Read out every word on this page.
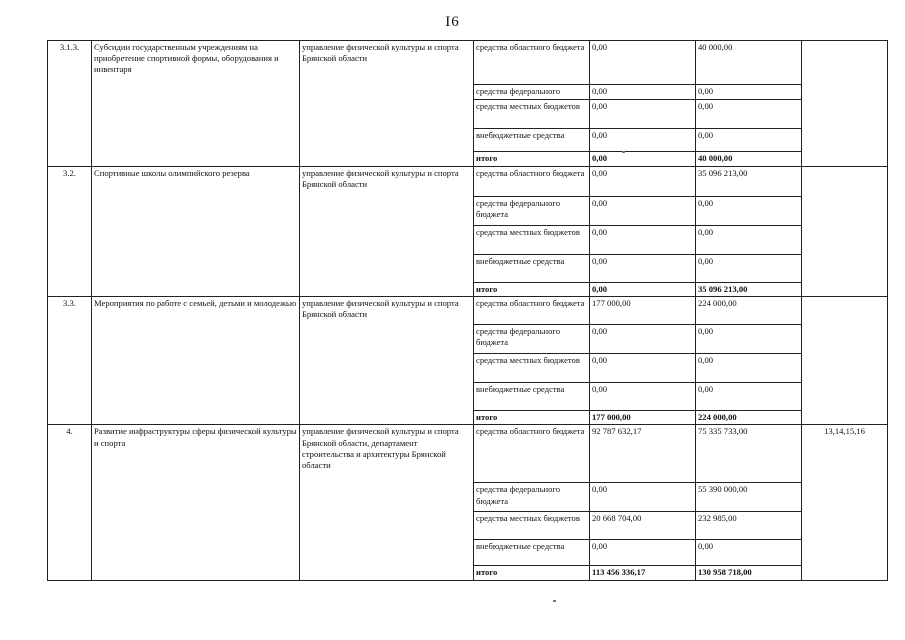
I6
3.1.3.	Субсидии государственным учреждениям на приобретение спортивной формы, оборудования и инвентаря	управление физической культуры и спорта Брянской области	средства областного бюджета	0,00	40 000,00	
			средства федерального	0,00	0,00	
			средства местных бюджетов	0,00	0,00	
			внебюджетные средства	0,00	0,00	
			итого	0,00	40 000,00	
3.2.	Спортивные школы олимпийского резерва	управление физической культуры и спорта Брянской области	средства областного бюджета	0,00	35 096 213,00	
			средства федерального бюджета	0,00	0,00	
			средства местных бюджетов	0,00	0,00	
			внебюджетные средства	0,00	0,00	
			итого	0,00	35 096 213,00	
3.3.	Мероприятия по работе с семьей, детьми и молодежью	управление физической культуры и спорта Брянской области	средства областного бюджета	177 000,00	224 000,00	
			средства федерального бюджета	0,00	0,00	
			средства местных бюджетов	0,00	0,00	
			внебюджетные средства	0,00	0,00	
			итого	177 000,00	224 000,00	
4.	Развитие инфраструктуры сферы физической культуры и спорта	управление физической культуры и спорта Брянской области, департамент строительства и архитектуры Брянской области	средства областного бюджета	92 787 632,17	75 335 733,00	13,14,15,16
			средства федерального бюджета	0,00	55 390 000,00	
			средства местных бюджетов	20 668 704,00	232 985,00	
			внебюджетные средства	0,00	0,00	
			итого	113 456 336,17	130 958 718,00	
